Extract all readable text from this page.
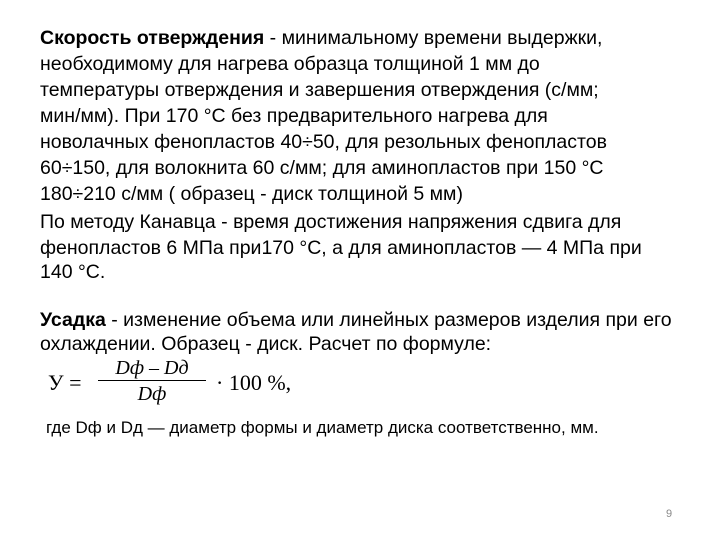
Скорость отверждения - минимальному времени выдержки,

необходимому для нагрева образца толщиной 1 мм до

температуры отверждения и завершения отверждения (с/мм;

мин/мм). При 170 °С без предварительного нагрева для

новолачных фенопластов 40÷50, для резольных фенопластов

60÷150, для волокнита 60 с/мм; для аминопластов при 150 °С

180÷210 с/мм ( образец - диск толщиной 5 мм)

По методу Канавца - время достижения напряжения сдвига для

фенопластов 6 МПа при170 °С, а для аминопластов — 4 МПа при

140 °С.

Усадка - изменение объема или линейных размеров изделия при его

охлаждении. Образец - диск. Расчет по формуле:

У =
Dф – Dд
Dф	· 100 %,

где Dф и Dд — диаметр формы и диаметр диска соответственно, мм.

9
